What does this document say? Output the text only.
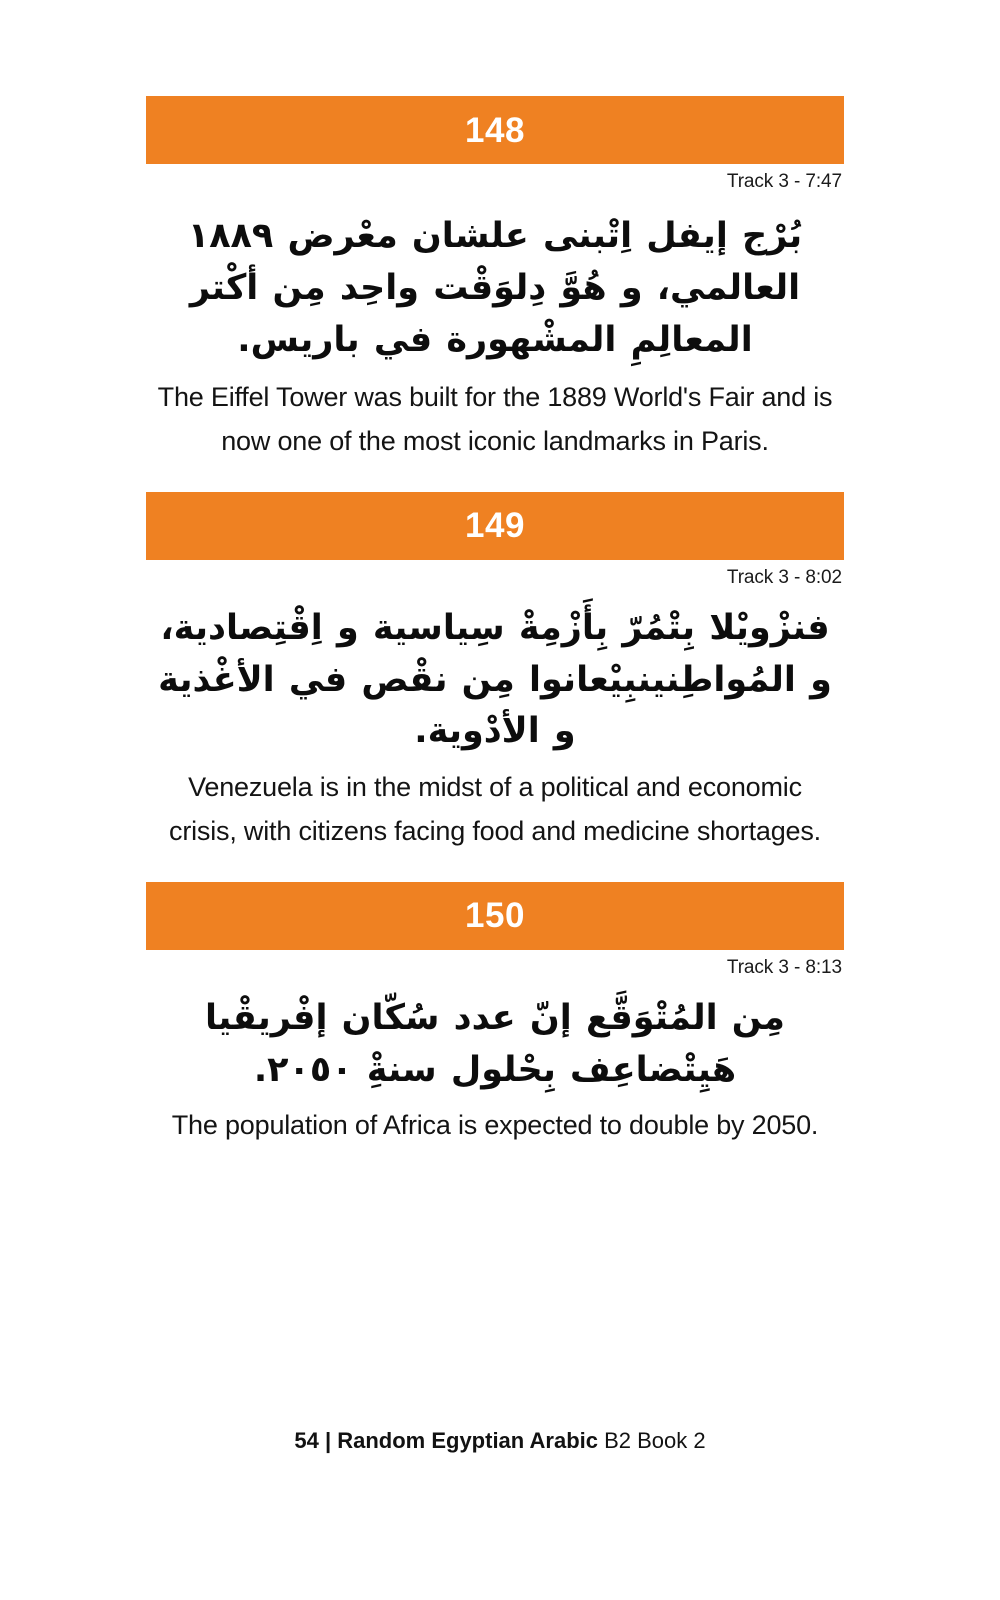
148
Track 3 - 7:47
بُرْج إيفل اِتْبنى علشان معْرض ١٨٨٩ العالمي، و هُوَّ دِلوَقْت واحِد مِن أكْتر المعالِمِ المشْهورة في باريس.
The Eiffel Tower was built for the 1889 World's Fair and is now one of the most iconic landmarks in Paris.
149
Track 3 - 8:02
فنزْويْلا بِتْمُرّ بِأَزْمِةْ سِياسية و اِقْتِصادية، و المُواطِنينبِيْعانوا مِن نقْص في الأغْذية و الأدْوية.
Venezuela is in the midst of a political and economic crisis, with citizens facing food and medicine shortages.
150
Track 3 - 8:13
مِن المُتْوَقَّع إنّ عدد سُكّان إفْريقْيا هَيِتْضاعِف بِحْلول سنةِْ ٢٠٥٠.
The population of Africa is expected to double by 2050.
54 | Random Egyptian Arabic B2 Book 2
